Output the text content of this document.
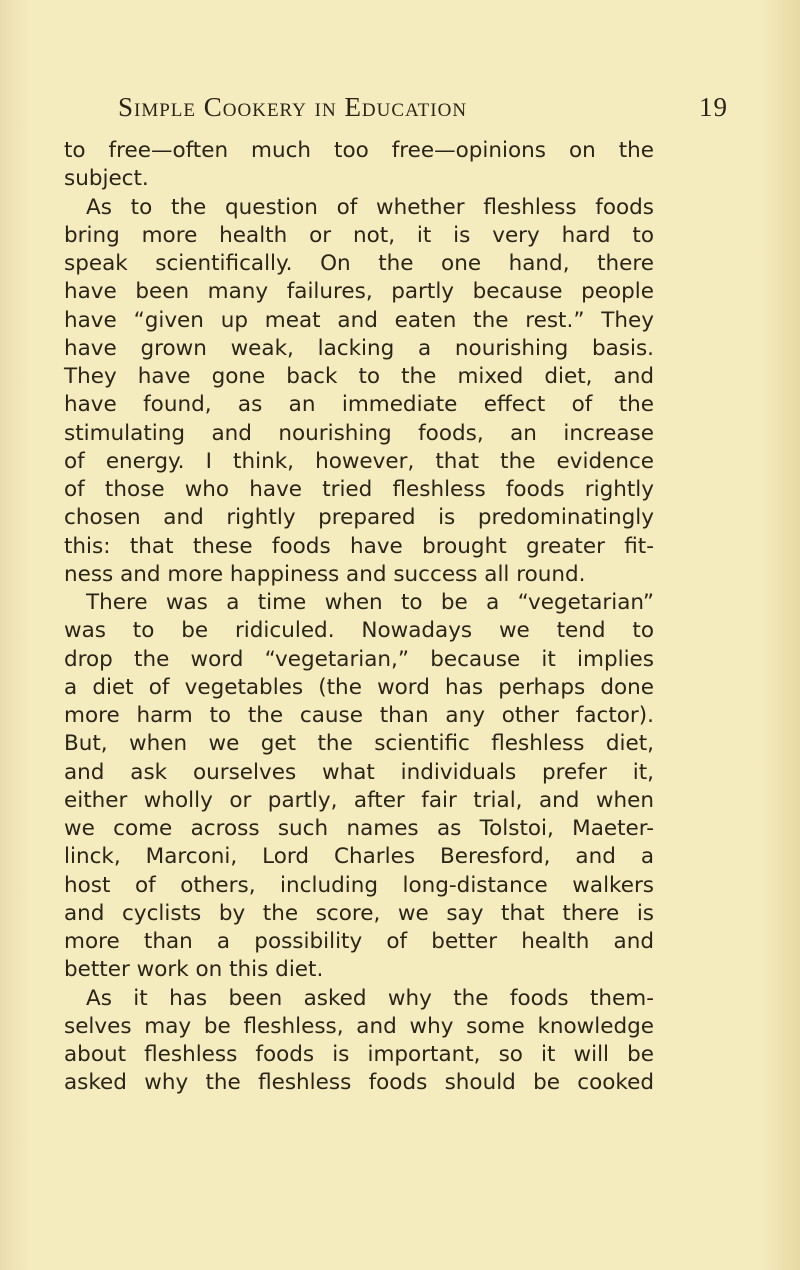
Simple Cookery in Education	19
to free—often much too free—opinions on the
subject.
As to the question of whether fleshless foods
bring more health or not, it is very hard to
speak scientifically. On the one hand, there
have been many failures, partly because people
have “given up meat and eaten the rest.” They
have grown weak, lacking a nourishing basis.
They have gone back to the mixed diet, and
have found, as an immediate effect of the
stimulating and nourishing foods, an increase
of energy. I think, however, that the evidence
of those who have tried fleshless foods rightly
chosen and rightly prepared is predominatingly
this: that these foods have brought greater fit-
ness and more happiness and success all round.
There was a time when to be a “vegetarian”
was to be ridiculed. Nowadays we tend to
drop the word “vegetarian,” because it implies
a diet of vegetables (the word has perhaps done
more harm to the cause than any other factor).
But, when we get the scientific fleshless diet,
and ask ourselves what individuals prefer it,
either wholly or partly, after fair trial, and when
we come across such names as Tolstoi, Maeter-
linck, Marconi, Lord Charles Beresford, and a
host of others, including long-distance walkers
and cyclists by the score, we say that there is
more than a possibility of better health and
better work on this diet.
As it has been asked why the foods them-
selves may be fleshless, and why some knowledge
about fleshless foods is important, so it will be
asked why the fleshless foods should be cooked
